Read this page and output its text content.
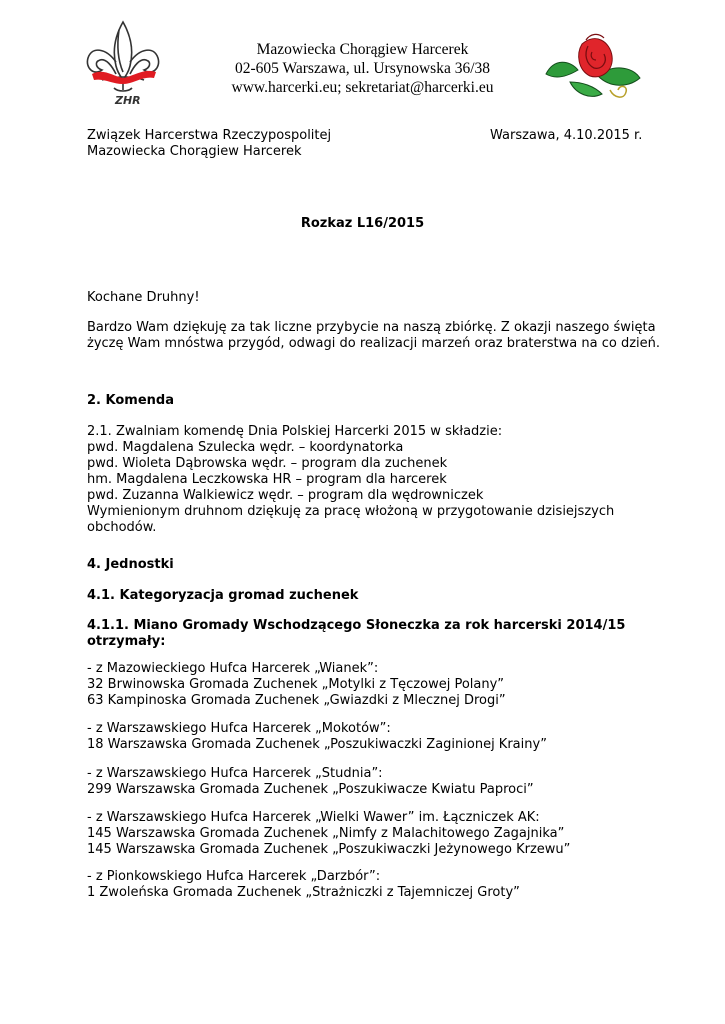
ZHR
Mazowiecka Chorągiew Harcerek
02-605 Warszawa, ul. Ursynowska 36/38
www.harcerki.eu; sekretariat@harcerki.eu
Związek Harcerstwa Rzeczypospolitej
Mazowiecka Chorągiew Harcerek
Warszawa, 4.10.2015 r.
Rozkaz L16/2015
Kochane Druhny!
Bardzo Wam dziękuję za tak liczne przybycie na naszą zbiórkę. Z okazji naszego święta
życzę Wam mnóstwa przygód, odwagi do realizacji marzeń oraz braterstwa na co dzień.
2. Komenda
2.1. Zwalniam komendę Dnia Polskiej Harcerki 2015 w składzie:
pwd. Magdalena Szulecka wędr. – koordynatorka
pwd. Wioleta Dąbrowska wędr. – program dla zuchenek
hm. Magdalena Leczkowska HR – program dla harcerek
pwd. Zuzanna Walkiewicz wędr. – program dla wędrowniczek
Wymienionym druhnom dziękuję za pracę włożoną w przygotowanie dzisiejszych
obchodów.
4. Jednostki
4.1. Kategoryzacja gromad zuchenek
4.1.1. Miano Gromady Wschodzącego Słoneczka za rok harcerski 2014/15
otrzymały:
- z Mazowieckiego Hufca Harcerek „Wianek”:
32 Brwinowska Gromada Zuchenek „Motylki z Tęczowej Polany”
63 Kampinoska Gromada Zuchenek „Gwiazdki z Mlecznej Drogi”
- z Warszawskiego Hufca Harcerek „Mokotów”:
18 Warszawska Gromada Zuchenek „Poszukiwaczki Zaginionej Krainy”
- z Warszawskiego Hufca Harcerek „Studnia”:
299 Warszawska Gromada Zuchenek „Poszukiwacze Kwiatu Paproci”
- z Warszawskiego Hufca Harcerek „Wielki Wawer” im. Łączniczek AK:
145 Warszawska Gromada Zuchenek „Nimfy z Malachitowego Zagajnika”
145 Warszawska Gromada Zuchenek „Poszukiwaczki Jeżynowego Krzewu”
- z Pionkowskiego Hufca Harcerek „Darzbór”:
1 Zwoleńska Gromada Zuchenek „Strażniczki z Tajemniczej Groty”
